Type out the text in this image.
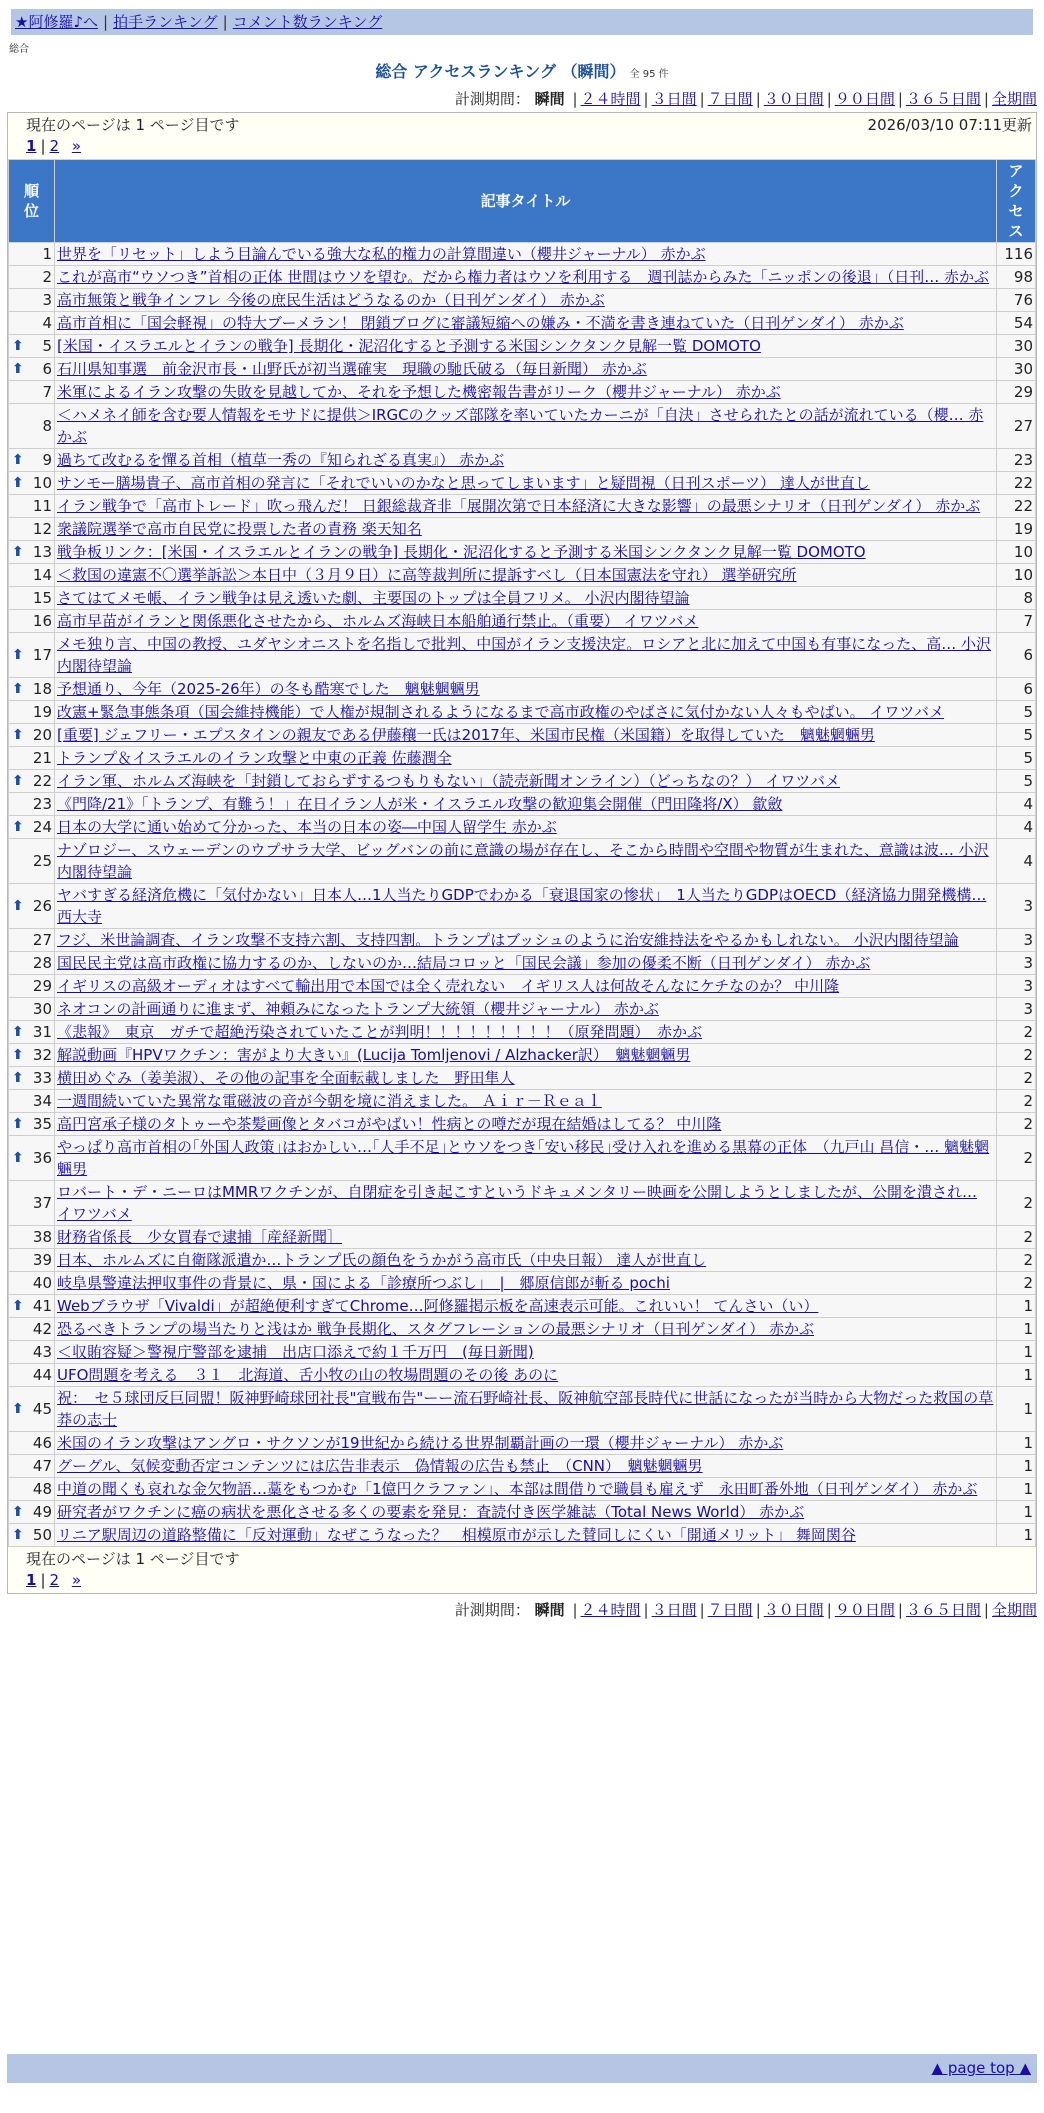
★阿修羅♪へ | 拍手ランキング | コメント数ランキング
総合
総合 アクセスランキング （瞬間） 全 95 件
計測期間： 瞬間 | ２４時間 | ３日間 | ７日間 | ３０日間 | ９０日間 | ３６５日間 | 全期間
現在のページは 1 ページ目です	2026/03/10 07:11更新
1 | 2 »
順位	記事タイトル	アクセス

1	世界を「リセット」しよう目論んでいる強大な私的権力の計算間違い（櫻井ジャーナル） 赤かぶ	116
2	これが高市“ウソつき”首相の正体 世間はウソを望む。だから権力者はウソを利用する　週刊誌からみた「ニッポンの後退」（日刊… 赤かぶ	98
3	高市無策と戦争インフレ 今後の庶民生活はどうなるのか（日刊ゲンダイ） 赤かぶ	76
4	高市首相に「国会軽視」の特大ブーメラン！ 閉鎖ブログに審議短縮への嫌み・不満を書き連ねていた（日刊ゲンダイ） 赤かぶ	54

⬆ 5	[米国・イスラエルとイランの戦争] 長期化・泥沼化すると予測する米国シンクタンク見解一覧 DOMOTO	30

⬆ 6	石川県知事選　前金沢市長・山野氏が初当選確実　現職の馳氏破る（毎日新聞） 赤かぶ	30
7	米軍によるイラン攻撃の失敗を見越してか、それを予想した機密報告書がリーク（櫻井ジャーナル） 赤かぶ	29
8	＜ハメネイ師を含む要人情報をモサドに提供＞IRGCのクッズ部隊を率いていたカーニが「自決」させられたとの話が流れている（櫻… 赤かぶ	27

⬆ 9	過ちて改むるを憚る首相（植草一秀の『知られざる真実』） 赤かぶ	23

⬆ 10	サンモー膳場貴子、高市首相の発言に「それでいいのかなと思ってしまいます」と疑問視（日刊スポーツ） 達人が世直し	22
11	イラン戦争で「高市トレード」吹っ飛んだ！ 日銀総裁斉非「展開次第で日本経済に大きな影響」の最悪シナリオ（日刊ゲンダイ） 赤かぶ	22
12	衆議院選挙で高市自民党に投票した者の責務 楽天知名	19

⬆ 13	戦争板リンク：[米国・イスラエルとイランの戦争] 長期化・泥沼化すると予測する米国シンクタンク見解一覧 DOMOTO	10
14	＜救国の違憲不〇選挙訴訟＞本日中（３月９日）に高等裁判所に提訴すべし（日本国憲法を守れ） 選挙研究所	10
15	さてはてメモ帳、イラン戦争は見え透いた劇、主要国のトップは全員フリメ。 小沢内閣待望論	8
16	高市早苗がイランと関係悪化させたから、ホルムズ海峡日本船舶通行禁止。（重要） イワツバメ	7

⬆ 17	メモ独り言、中国の教授、ユダヤシオニストを名指しで批判、中国がイラン支援決定。ロシアと北に加えて中国も有事になった、高… 小沢内閣待望論	6

⬆ 18	予想通り、今年（2025-26年）の冬も酷寒でした　魑魅魍魎男	6
19	改憲+緊急事態条項（国会維持機能）で人権が規制されるようになるまで高市政権のやばさに気付かない人々もやばい。 イワツバメ	5

⬆ 20	[重要] ジェフリー・エプスタインの親友である伊藤穰一氏は2017年、米国市民権（米国籍）を取得していた　魑魅魍魎男	5
21	トランプ＆イスラエルのイラン攻撃と中東の正義 佐藤潤全	5

⬆ 22	イラン軍、ホルムズ海峡を「封鎖しておらずするつもりもない」（読売新聞オンライン）（どっちなの？） イワツバメ	5
23	《門降/21》「トランプ、有難う！」在日イラン人が米・イスラエル攻撃の歓迎集会開催（門田隆将/X） 歙斂	4

⬆ 24	日本の大学に通い始めて分かった、本当の日本の姿―中国人留学生 赤かぶ	4
25	ナゾロジー、スウェーデンのウプサラ大学、ビッグバンの前に意識の場が存在し、そこから時間や空間や物質が生まれた、意識は波… 小沢内閣待望論	4

⬆ 26	ヤバすぎる経済危機に「気付かない」日本人…1人当たりGDPでわかる「衰退国家の惨状」　1人当たりGDPはOECD（経済協力開発機構… 西大寺	3
27	フジ、米世論調査、イラン攻撃不支持六割、支持四割。トランプはブッシュのように治安維持法をやるかもしれない。 小沢内閣待望論	3
28	国民民主党は高市政権に協力するのか、しないのか…結局コロッと「国民会議」参加の優柔不断（日刊ゲンダイ） 赤かぶ	3
29	イギリスの高級オーディオはすべて輸出用で本国では全く売れない　イギリス人は何故そんなにケチなのか？ 中川隆	3
30	ネオコンの計画通りに進まず、神頼みになったトランプ大統領（櫻井ジャーナル） 赤かぶ	3

⬆ 31	《悲報》　東京　ガチで超絶汚染されていたことが判明！！！！！！！！！（原発問題）　赤かぶ	2

⬆ 32	解説動画『HPVワクチン：害がより大きい』(Lucija Tomljenovi / Alzhacker訳）　魑魅魍魎男	2

⬆ 33	横田めぐみ（姜美淑）、その他の記事を全面転載しました　野田隼人	2
34	一週間続いていた異常な電磁波の音が今朝を境に消えました。 Ａｉｒ－Ｒｅａｌ	2

⬆ 35	高円宮承子様のタトゥーや茶髪画像とタバコがやばい！性病との噂だが現在結婚はしてる？ 中川隆	2

⬆ 36	やっぱり高市首相の｢外国人政策｣はおかしい…｢人手不足｣とウソをつき｢安い移民｣受け入れを進める黒幕の正体　（九戸山 昌信・… 魑魅魍魎男	2
37	ロバート・デ・ニーロはMMRワクチンが、自閉症を引き起こすというドキュメンタリー映画を公開しようとしましたが、公開を潰され… イワツバメ	2
38	財務省係長　少女買春で逮捕［産経新聞］	2
39	日本、ホルムズに自衛隊派遣か…トランプ氏の顔色をうかがう高市氏（中央日報） 達人が世直し	2
40	岐阜県警違法押収事件の背景に、県・国による「診療所つぶし」　|　郷原信郎が斬る pochi	2

⬆ 41	Webブラウザ「Vivaldi」が超絶便利すぎてChrome…阿修羅掲示板を高速表示可能。これいい！ てんさい（い）	1
42	恐るべきトランプの場当たりと浅はか 戦争長期化、スタグフレーションの最悪シナリオ（日刊ゲンダイ） 赤かぶ	1
43	＜収賄容疑＞警視庁警部を逮捕　出店口添えで約１千万円　(毎日新聞)	1
44	UFO問題を考える　３１　北海道、舌小牧の山の牧場問題のその後 あのに	1

⬆ 45	祝：　セ５球団反巨同盟！阪神野崎球団社長"宣戦布告"ーー流石野崎社長、阪神航空部長時代に世話になったが当時から大物だった救国の草莽の志士	1
46	米国のイラン攻撃はアングロ・サクソンが19世紀から続ける世界制覇計画の一環（櫻井ジャーナル） 赤かぶ	1
47	グーグル、気候変動否定コンテンツには広告非表示　偽情報の広告も禁止　（CNN）　魑魅魍魎男	1
48	中道の聞くも哀れな金欠物語…藁をもつかむ「1億円クラファン」、本部は間借りで職員も雇えず　永田町番外地（日刊ゲンダイ） 赤かぶ	1

⬆ 49	研究者がワクチンに癌の病状を悪化させる多くの要素を発見：査読付き医学雑誌（Total News World） 赤かぶ	1

⬆ 50	リニア駅周辺の道路整備に「反対運動」なぜこうなった？　相模原市が示した賛同しにくい「開通メリット」 舞岡関谷	1
現在のページは 1 ページ目です
1 | 2 »
計測期間： 瞬間 | ２４時間 | ３日間 | ７日間 | ３０日間 | ９０日間 | ３６５日間 | 全期間
▲ page top ▲
